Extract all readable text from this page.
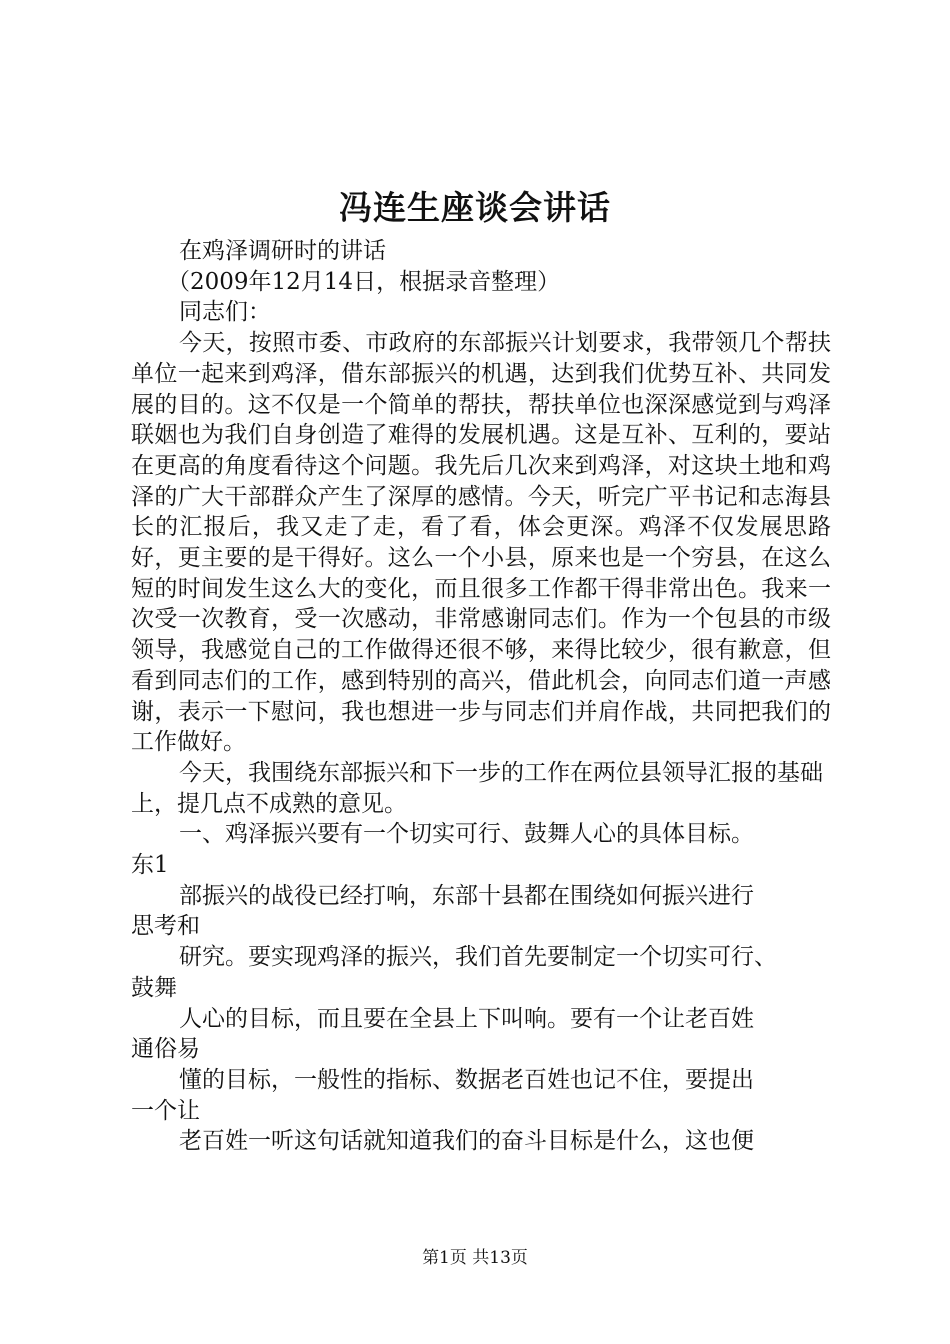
冯连生座谈会讲话

在鸡泽调研时的讲话

（2009年12月14日，根据录音整理）

同志们：

今天，按照市委、市政府的东部振兴计划要求，我带领几个帮扶单位一起来到鸡泽，借东部振兴的机遇，达到我们优势互补、共同发展的目的。这不仅是一个简单的帮扶，帮扶单位也深深感觉到与鸡泽联姻也为我们自身创造了难得的发展机遇。这是互补、互利的，要站在更高的角度看待这个问题。我先后几次来到鸡泽，对这块土地和鸡泽的广大干部群众产生了深厚的感情。今天，听完广平书记和志海县长的汇报后，我又走了走，看了看，体会更深。鸡泽不仅发展思路好，更主要的是干得好。这么一个小县，原来也是一个穷县，在这么短的时间发生这么大的变化，而且很多工作都干得非常出色。我来一次受一次教育，受一次感动，非常感谢同志们。作为一个包县的市级领导，我感觉自己的工作做得还很不够，来得比较少，很有歉意，但看到同志们的工作，感到特别的高兴，借此机会，向同志们道一声感谢，表示一下慰问，我也想进一步与同志们并肩作战，共同把我们的工作做好。

今天，我围绕东部振兴和下一步的工作在两位县领导汇报的基础上，提几点不成熟的意见。

一、鸡泽振兴要有一个切实可行、鼓舞人心的具体目标。
东1

部振兴的战役已经打响，东部十县都在围绕如何振兴进行
思考和

研究。要实现鸡泽的振兴，我们首先要制定一个切实可行、
鼓舞

人心的目标，而且要在全县上下叫响。要有一个让老百姓
通俗易

懂的目标，一般性的指标、数据老百姓也记不住，要提出
一个让

老百姓一听这句话就知道我们的奋斗目标是什么，这也便

第1页 共13页
